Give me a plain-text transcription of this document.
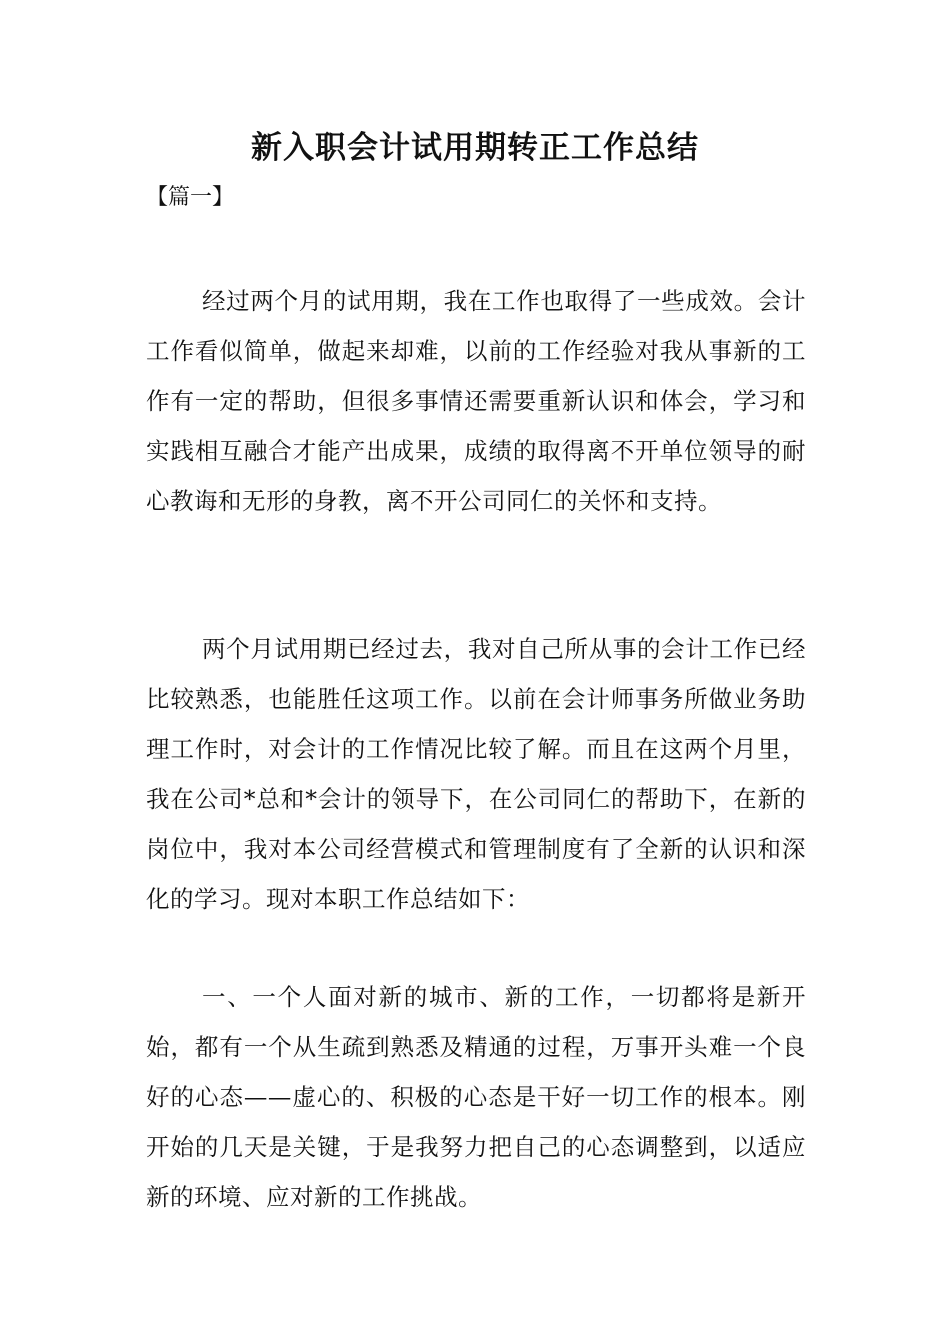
新入职会计试用期转正工作总结

【篇一】

经过两个月的试用期，我在工作也取得了一些成效。会计工作看似简单，做起来却难，以前的工作经验对我从事新的工作有一定的帮助，但很多事情还需要重新认识和体会，学习和实践相互融合才能产出成果，成绩的取得离不开单位领导的耐心教诲和无形的身教，离不开公司同仁的关怀和支持。

两个月试用期已经过去，我对自己所从事的会计工作已经比较熟悉，也能胜任这项工作。以前在会计师事务所做业务助理工作时，对会计的工作情况比较了解。而且在这两个月里，我在公司*总和*会计的领导下，在公司同仁的帮助下，在新的岗位中，我对本公司经营模式和管理制度有了全新的认识和深化的学习。现对本职工作总结如下：

一、一个人面对新的城市、新的工作，一切都将是新开始，都有一个从生疏到熟悉及精通的过程，万事开头难一个良好的心态——虚心的、积极的心态是干好一切工作的根本。刚开始的几天是关键，于是我努力把自己的心态调整到，以适应新的环境、应对新的工作挑战。
